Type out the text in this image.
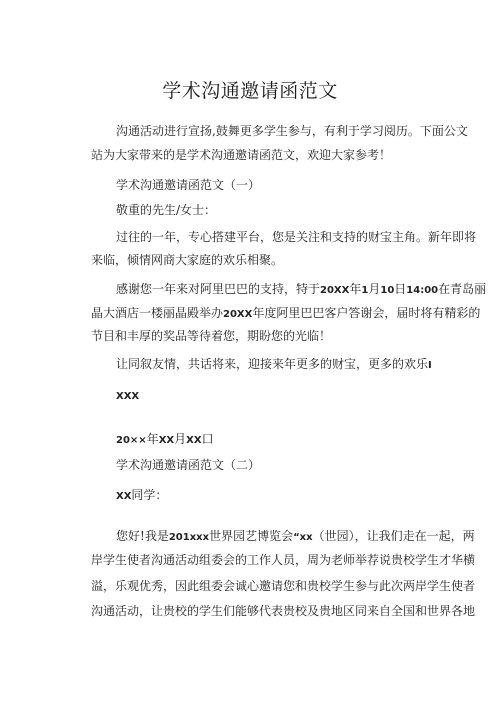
学术沟通邀请函范文
沟通活动进行宣扬,鼓舞更多学生参与，有利于学习阅历。下面公文
站为大家带来的是学术沟通邀请函范文，欢迎大家参考！
学术沟通邀请函范文（一）
敬重的先生/女士：
过往的一年，专心搭建平台，您是关注和支持的财宝主角。新年即将
来临，倾情网商大家庭的欢乐相聚。
感谢您一年来对阿里巴巴的支持，特于20XX年1月10日14:00在青岛丽
晶大酒店一楼丽晶殿举办20XX年度阿里巴巴客户答谢会，届时将有精彩的
节目和丰厚的奖品等待着您，期盼您的光临！
让同叙友情，共话将来，迎接来年更多的财宝，更多的欢乐I
XXX
20××年XX月XX口
学术沟通邀请函范文（二）
XX同学：
您好!我是201xxx世界园艺博览会“xx（世园），让我们走在一起，两
岸学生使者沟通活动组委会的工作人员，周为老师举荐说贵校学生才华横
溢，乐观优秀，因此组委会诚心邀请您和贵校学生参与此次两岸学生使者
沟通活动，让贵校的学生们能够代表贵校及贵地区同来自全国和世界各地
